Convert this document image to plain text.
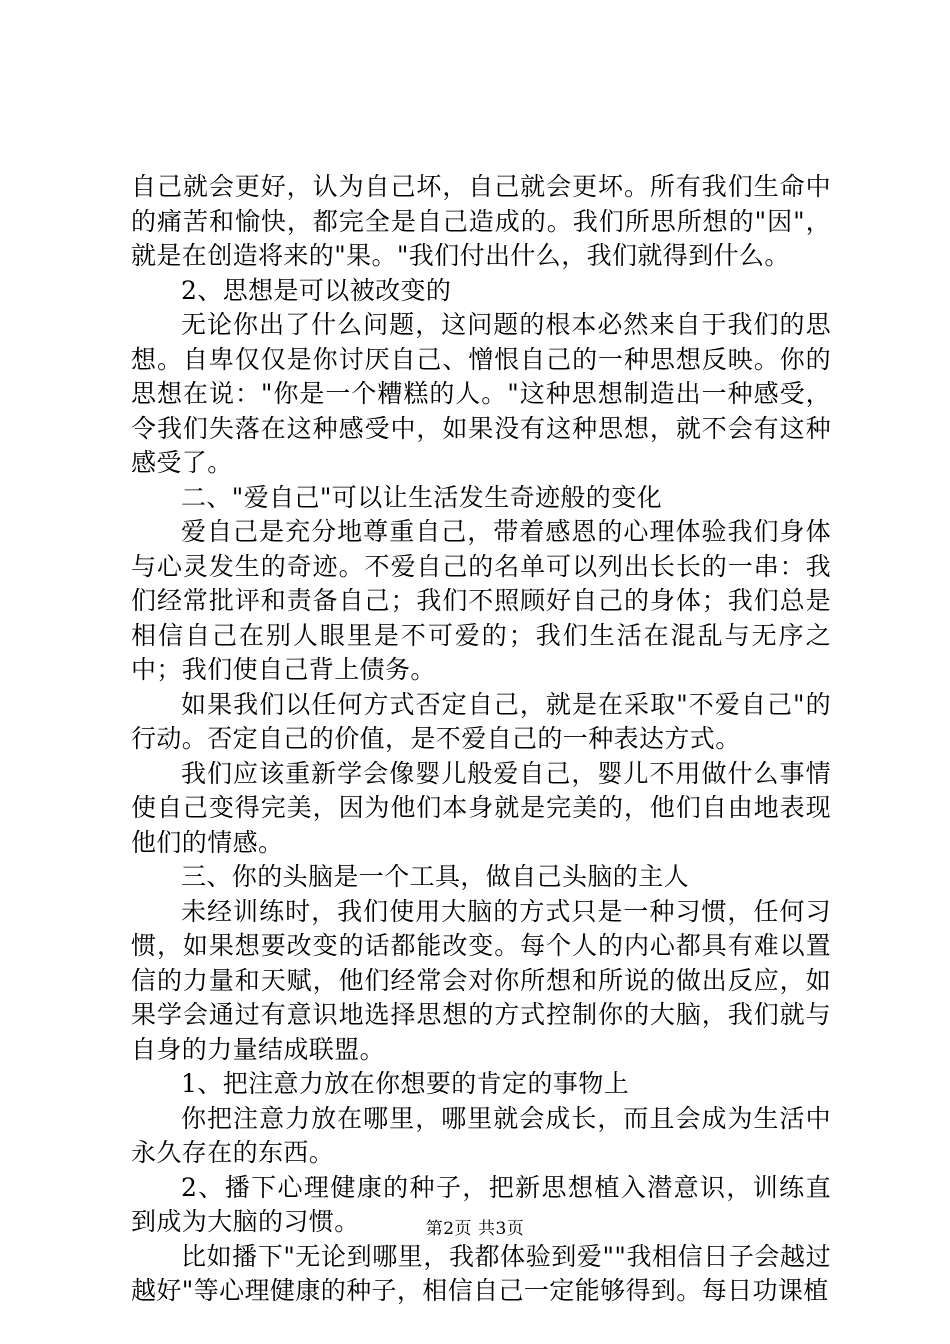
自己就会更好，认为自己坏，自己就会更坏。所有我们生命中的痛苦和愉快，都完全是自己造成的。我们所思所想的"因"，就是在创造将来的"果。"我们付出什么，我们就得到什么。

2、思想是可以被改变的

无论你出了什么问题，这问题的根本必然来自于我们的思想。自卑仅仅是你讨厌自己、憎恨自己的一种思想反映。你的思想在说："你是一个糟糕的人。"这种思想制造出一种感受，令我们失落在这种感受中，如果没有这种思想，就不会有这种感受了。

二、"爱自己"可以让生活发生奇迹般的变化

爱自己是充分地尊重自己，带着感恩的心理体验我们身体与心灵发生的奇迹。不爱自己的名单可以列出长长的一串：我们经常批评和责备自己；我们不照顾好自己的身体；我们总是相信自己在别人眼里是不可爱的；我们生活在混乱与无序之中；我们使自己背上债务。

如果我们以任何方式否定自己，就是在采取"不爱自己"的行动。否定自己的价值，是不爱自己的一种表达方式。

我们应该重新学会像婴儿般爱自己，婴儿不用做什么事情使自己变得完美，因为他们本身就是完美的，他们自由地表现他们的情感。

三、你的头脑是一个工具，做自己头脑的主人

未经训练时，我们使用大脑的方式只是一种习惯，任何习惯，如果想要改变的话都能改变。每个人的内心都具有难以置信的力量和天赋，他们经常会对你所想和所说的做出反应，如果学会通过有意识地选择思想的方式控制你的大脑，我们就与自身的力量结成联盟。

1、把注意力放在你想要的肯定的事物上

你把注意力放在哪里，哪里就会成长，而且会成为生活中永久存在的东西。

2、播下心理健康的种子，把新思想植入潜意识，训练直到成为大脑的习惯。

比如播下"无论到哪里，我都体验到爱""我相信日子会越过越好"等心理健康的种子，相信自己一定能够得到。每日功课植

第2页 共3页
